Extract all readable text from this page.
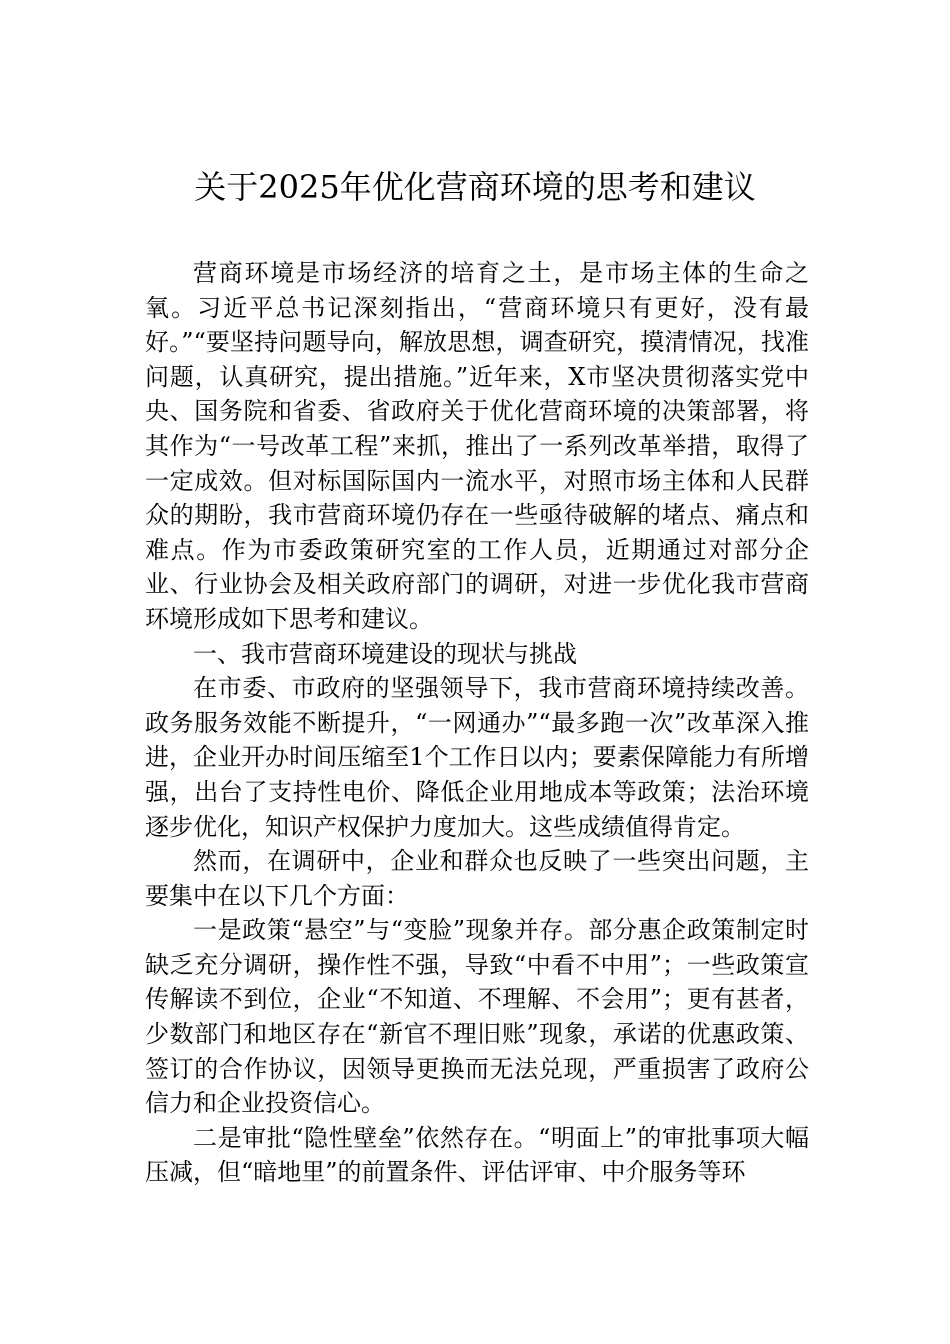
关于2025年优化营商环境的思考和建议

营商环境是市场经济的培育之土，是市场主体的生命之氧。习近平总书记深刻指出，“营商环境只有更好，没有最好。”“要坚持问题导向，解放思想，调查研究，摸清情况，找准问题，认真研究，提出措施。”近年来，X市坚决贯彻落实党中央、国务院和省委、省政府关于优化营商环境的决策部署，将其作为“一号改革工程”来抓，推出了一系列改革举措，取得了一定成效。但对标国际国内一流水平，对照市场主体和人民群众的期盼，我市营商环境仍存在一些亟待破解的堵点、痛点和难点。作为市委政策研究室的工作人员，近期通过对部分企业、行业协会及相关政府部门的调研，对进一步优化我市营商环境形成如下思考和建议。

一、我市营商环境建设的现状与挑战

在市委、市政府的坚强领导下，我市营商环境持续改善。政务服务效能不断提升，“一网通办”“最多跑一次”改革深入推进，企业开办时间压缩至1个工作日以内；要素保障能力有所增强，出台了支持性电价、降低企业用地成本等政策；法治环境逐步优化，知识产权保护力度加大。这些成绩值得肯定。

然而，在调研中，企业和群众也反映了一些突出问题，主要集中在以下几个方面：

一是政策“悬空”与“变脸”现象并存。部分惠企政策制定时缺乏充分调研，操作性不强，导致“中看不中用”；一些政策宣传解读不到位，企业“不知道、不理解、不会用”；更有甚者，少数部门和地区存在“新官不理旧账”现象，承诺的优惠政策、签订的合作协议，因领导更换而无法兑现，严重损害了政府公信力和企业投资信心。

二是审批“隐性壁垒”依然存在。“明面上”的审批事项大幅压减，但“暗地里”的前置条件、评估评审、中介服务等环
